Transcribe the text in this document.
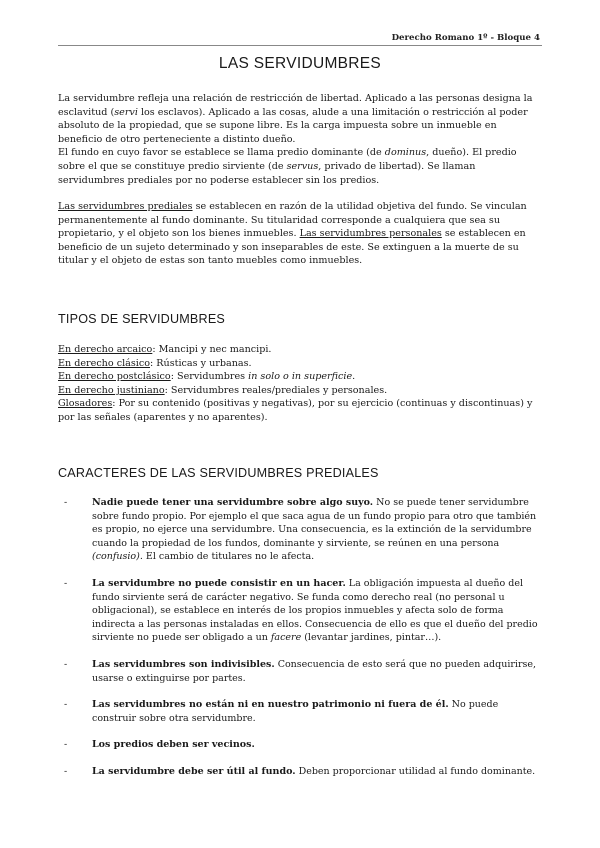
Derecho Romano 1º - Bloque 4
LAS SERVIDUMBRES

La servidumbre refleja una relación de restricción de libertad. Aplicado a las personas designa la esclavitud (servi los esclavos). Aplicado a las cosas, alude a una limitación o restricción al poder absoluto de la propiedad, que se supone libre. Es la carga impuesta sobre un inmueble en beneficio de otro perteneciente a distinto dueño.

El fundo en cuyo favor se establece se llama predio dominante (de dominus, dueño). El predio sobre el que se constituye predio sirviente (de servus, privado de libertad). Se llaman servidumbres prediales por no poderse establecer sin los predios.

Las servidumbres prediales se establecen en razón de la utilidad objetiva del fundo. Se vinculan permanentemente al fundo dominante. Su titularidad corresponde a cualquiera que sea su propietario, y el objeto son los bienes inmuebles. Las servidumbres personales se establecen en beneficio de un sujeto determinado y son inseparables de este. Se extinguen a la muerte de su titular y el objeto de estas son tanto muebles como inmuebles.

TIPOS DE SERVIDUMBRES

En derecho arcaico: Mancipi y nec mancipi.

En derecho clásico: Rústicas y urbanas.

En derecho postclásico: Servidumbres in solo o in superficie.

En derecho justiniano: Servidumbres reales/prediales y personales.

Glosadores: Por su contenido (positivas y negativas), por su ejercicio (continuas y discontinuas) y por las señales (aparentes y no aparentes).

CARACTERES DE LAS SERVIDUMBRES PREDIALES
-	Nadie puede tener una servidumbre sobre algo suyo. No se puede tener servidumbre sobre fundo propio. Por ejemplo el que saca agua de un fundo propio para otro que también es propio, no ejerce una servidumbre. Una consecuencia, es la extinción de la servidumbre cuando la propiedad de los fundos, dominante y sirviente, se reúnen en una persona (confusio). El cambio de titulares no le afecta.
-	La servidumbre no puede consistir en un hacer. La obligación impuesta al dueño del fundo sirviente será de carácter negativo. Se funda como derecho real (no personal u obligacional), se establece en interés de los propios inmuebles y afecta solo de forma indirecta a las personas instaladas en ellos. Consecuencia de ello es que el dueño del predio sirviente no puede ser obligado a un facere (levantar jardines, pintar…).
-	Las servidumbres son indivisibles. Consecuencia de esto será que no pueden adquirirse, usarse o extinguirse por partes.
-	Las servidumbres no están ni en nuestro patrimonio ni fuera de él. No puede construir sobre otra servidumbre.
-	Los predios deben ser vecinos.
-	La servidumbre debe ser útil al fundo. Deben proporcionar utilidad al fundo dominante.
